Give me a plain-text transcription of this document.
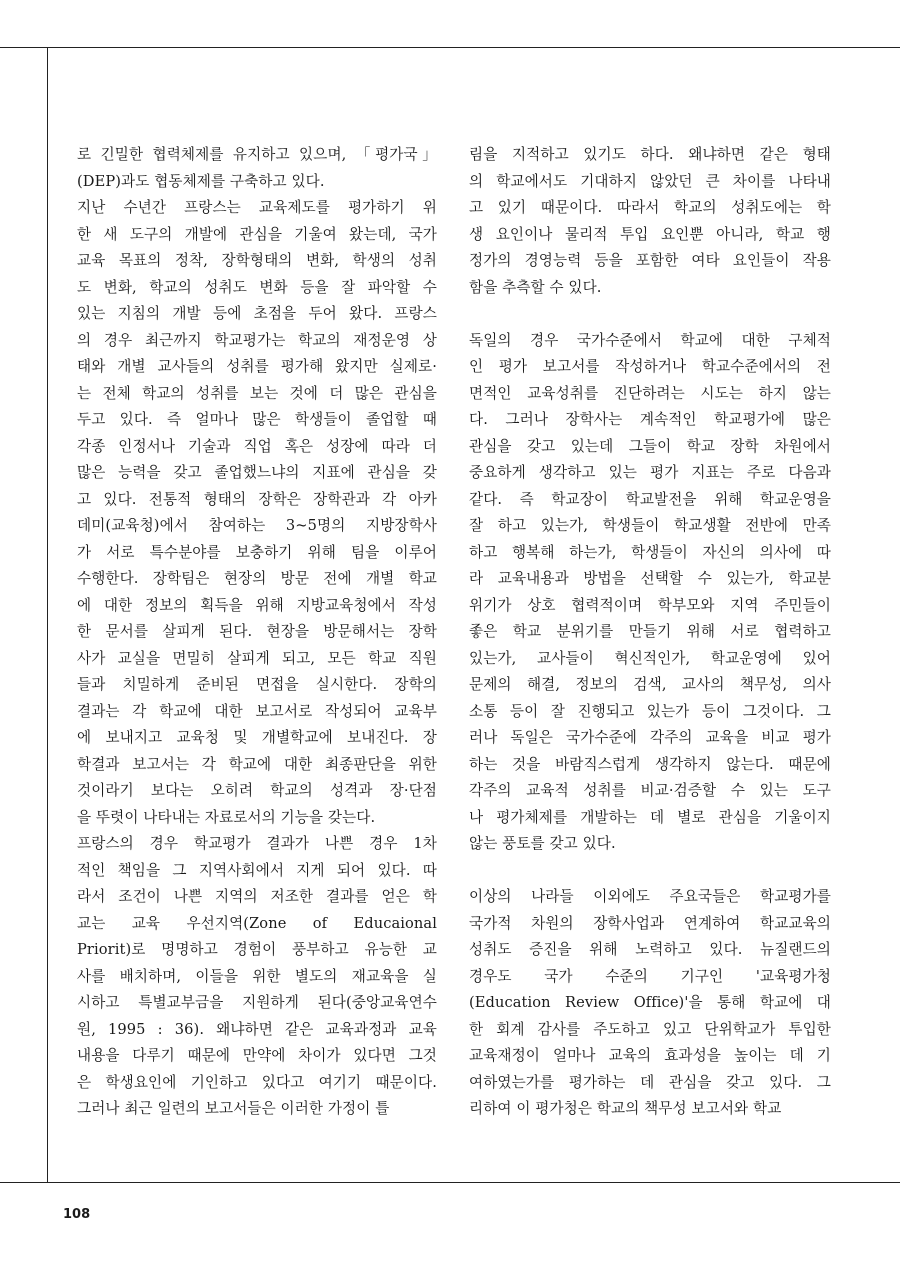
로 긴밀한 협력체제를 유지하고 있으며, 「평가국」
(DEP)과도 협동체제를 구축하고 있다.
지난 수년간 프랑스는 교육제도를 평가하기 위
한 새 도구의 개발에 관심을 기울여 왔는데, 국가
교육 목표의 정착, 장학형태의 변화, 학생의 성취
도 변화, 학교의 성취도 변화 등을 잘 파악할 수
있는 지침의 개발 등에 초점을 두어 왔다. 프랑스
의 경우 최근까지 학교평가는 학교의 재정운영 상
태와 개별 교사들의 성취를 평가해 왔지만 실제로·
는 전체 학교의 성취를 보는 것에 더 많은 관심을
두고 있다. 즉 얼마나 많은 학생들이 졸업할 때
각종 인정서나 기술과 직업 혹은 성장에 따라 더
많은 능력을 갖고 졸업했느냐의 지표에 관심을 갖
고 있다. 전통적 형태의 장학은 장학관과 각 아카
데미(교육청)에서 참여하는 3~5명의 지방장학사
가 서로 특수분야를 보충하기 위해 팀을 이루어
수행한다. 장학팀은 현장의 방문 전에 개별 학교
에 대한 정보의 획득을 위해 지방교육청에서 작성
한 문서를 살피게 된다. 현장을 방문해서는 장학
사가 교실을 면밀히 살피게 되고, 모든 학교 직원
들과 치밀하게 준비된 면접을 실시한다. 장학의
결과는 각 학교에 대한 보고서로 작성되어 교육부
에 보내지고 교육청 및 개별학교에 보내진다. 장
학결과 보고서는 각 학교에 대한 최종판단을 위한
것이라기 보다는 오히려 학교의 성격과 장·단점
을 뚜렷이 나타내는 자료로서의 기능을 갖는다.
프랑스의 경우 학교평가 결과가 나쁜 경우 1차
적인 책임을 그 지역사회에서 지게 되어 있다. 따
라서 조건이 나쁜 지역의 저조한 결과를 얻은 학
교는 교육 우선지역(Zone of Educaional
Priorit)로 명명하고 경험이 풍부하고 유능한 교
사를 배치하며, 이들을 위한 별도의 재교육을 실
시하고 특별교부금을 지원하게 된다(중앙교육연수
원, 1995 : 36). 왜냐하면 같은 교육과정과 교육
내용을 다루기 때문에 만약에 차이가 있다면 그것
은 학생요인에 기인하고 있다고 여기기 때문이다.
그러나 최근 일련의 보고서들은 이러한 가정이 틀
림을 지적하고 있기도 하다. 왜냐하면 같은 형태
의 학교에서도 기대하지 않았던 큰 차이를 나타내
고 있기 때문이다. 따라서 학교의 성취도에는 학
생 요인이나 물리적 투입 요인뿐 아니라, 학교 행
정가의 경영능력 등을 포함한 여타 요인들이 작용
함을 추측할 수 있다.
독일의 경우 국가수준에서 학교에 대한 구체적
인 평가 보고서를 작성하거나 학교수준에서의 전
면적인 교육성취를 진단하려는 시도는 하지 않는
다. 그러나 장학사는 계속적인 학교평가에 많은
관심을 갖고 있는데 그들이 학교 장학 차원에서
중요하게 생각하고 있는 평가 지표는 주로 다음과
같다. 즉 학교장이 학교발전을 위해 학교운영을
잘 하고 있는가, 학생들이 학교생활 전반에 만족
하고 행복해 하는가, 학생들이 자신의 의사에 따
라 교육내용과 방법을 선택할 수 있는가, 학교분
위기가 상호 협력적이며 학부모와 지역 주민들이
좋은 학교 분위기를 만들기 위해 서로 협력하고
있는가, 교사들이 혁신적인가, 학교운영에 있어
문제의 해결, 정보의 검색, 교사의 책무성, 의사
소통 등이 잘 진행되고 있는가 등이 그것이다. 그
러나 독일은 국가수준에 각주의 교육을 비교 평가
하는 것을 바람직스럽게 생각하지 않는다. 때문에
각주의 교육적 성취를 비교·검증할 수 있는 도구
나 평가체제를 개발하는 데 별로 관심을 기울이지
않는 풍토를 갖고 있다.
이상의 나라들 이외에도 주요국들은 학교평가를
국가적 차원의 장학사업과 연계하여 학교교육의
성취도 증진을 위해 노력하고 있다. 뉴질랜드의
경우도 국가 수준의 기구인 '교육평가청
(Education Review Office)'을 통해 학교에 대
한 회계 감사를 주도하고 있고 단위학교가 투입한
교육재정이 얼마나 교육의 효과성을 높이는 데 기
여하였는가를 평가하는 데 관심을 갖고 있다. 그
리하여 이 평가청은 학교의 책무성 보고서와 학교
108
